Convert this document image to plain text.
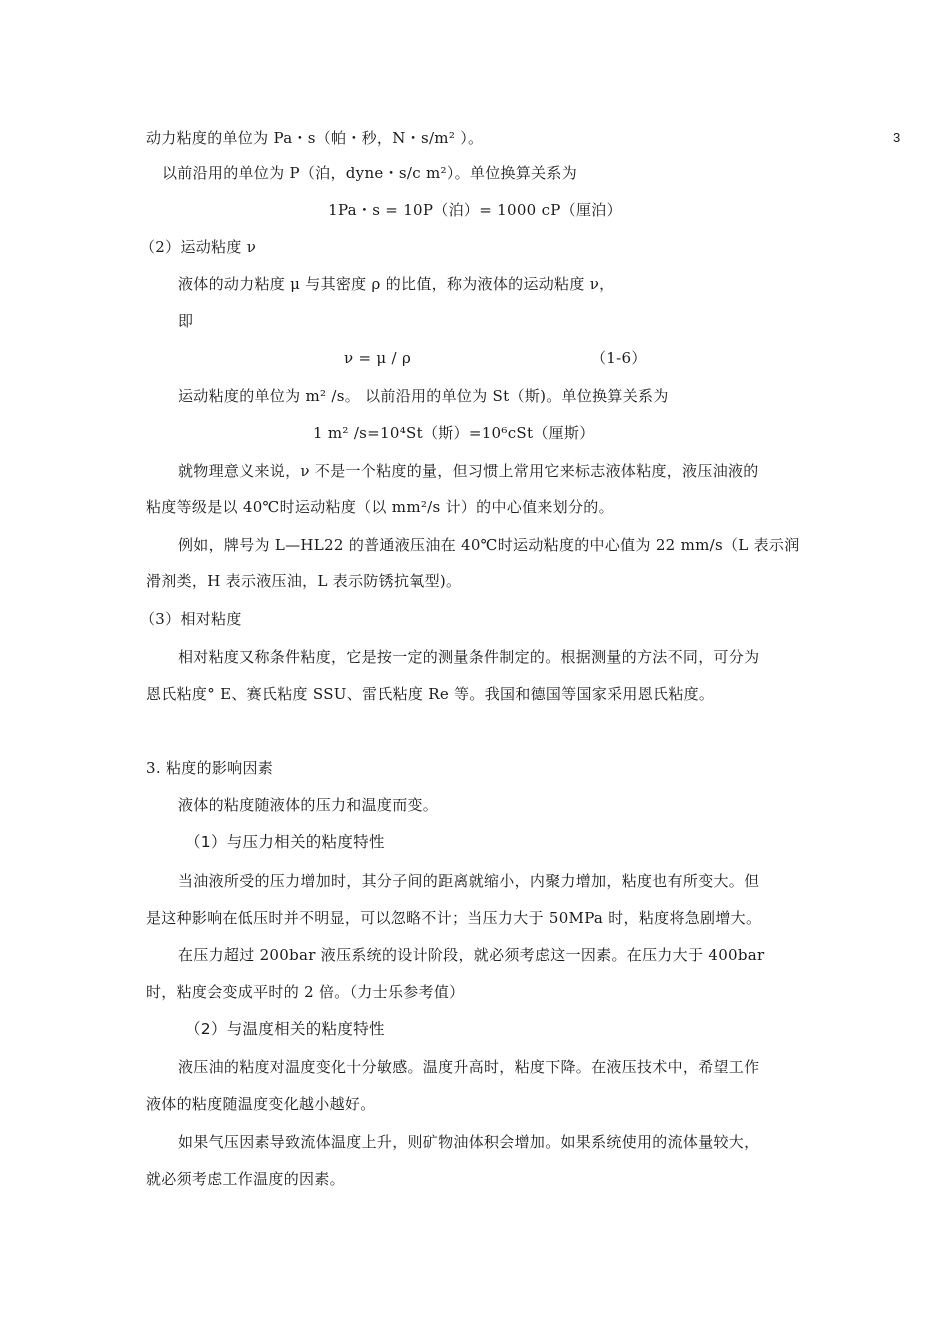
3
动力粘度的单位为 Pa・s（帕・秒，N・s/m² ）。
以前沿用的单位为 P（泊，dyne・s/c m²）。单位换算关系为
1Pa・s = 10P（泊）= 1000 cP（厘泊）
（2）运动粘度 ν
液体的动力粘度 μ 与其密度 ρ 的比值，称为液体的运动粘度 ν，
即
ν = μ / ρ	（1-6）
运动粘度的单位为 m² /s。 以前沿用的单位为 St（斯)。单位换算关系为
1 m² /s=10⁴St（斯）=10⁶cSt（厘斯）
就物理意义来说，ν 不是一个粘度的量，但习惯上常用它来标志液体粘度，液压油液的
粘度等级是以 40℃时运动粘度（以 mm²/s 计）的中心值来划分的。
例如，牌号为 L—HL22 的普通液压油在 40℃时运动粘度的中心值为 22 mm/s（L 表示润
滑剂类，H 表示液压油，L 表示防锈抗氧型)。
（3）相对粘度
相对粘度又称条件粘度，它是按一定的测量条件制定的。根据测量的方法不同，可分为
恩氏粘度° E、赛氏粘度 SSU、雷氏粘度 Re 等。我国和德国等国家采用恩氏粘度。
3. 粘度的影响因素
液体的粘度随液体的压力和温度而变。
（1）与压力相关的粘度特性
当油液所受的压力增加时，其分子间的距离就缩小，内聚力增加，粘度也有所变大。但
是这种影响在低压时并不明显，可以忽略不计；当压力大于 50MPa 时，粘度将急剧增大。
在压力超过 200bar 液压系统的设计阶段，就必须考虑这一因素。在压力大于 400bar
时，粘度会变成平时的 2 倍。（力士乐参考值）
（2）与温度相关的粘度特性
液压油的粘度对温度变化十分敏感。温度升高时，粘度下降。在液压技术中，希望工作
液体的粘度随温度变化越小越好。
如果气压因素导致流体温度上升，则矿物油体积会增加。如果系统使用的流体量较大，
就必须考虑工作温度的因素。
